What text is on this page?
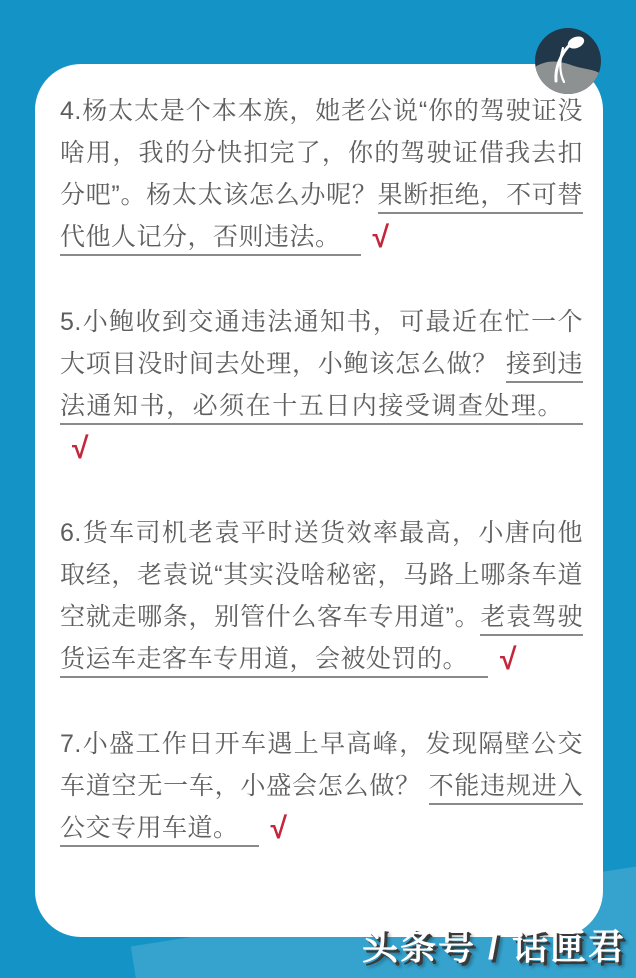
4.杨太太是个本本族，她老公说“你的驾驶证没啥用，我的分快扣完了，你的驾驶证借我去扣分吧”。杨太太该怎么办呢？果断拒绝，不可替代他人记分，否则违法。 √

5.小鲍收到交通违法通知书，可最近在忙一个大项目没时间去处理，小鲍该怎么做？ 接到违法通知书，必须在十五日内接受调查处理。√

6.货车司机老袁平时送货效率最高，小唐向他取经，老袁说“其实没啥秘密，马路上哪条车道空就走哪条，别管什么客车专用道”。老袁驾驶货运车走客车专用道，会被处罚的。 √

7.小盛工作日开车遇上早高峰，发现隔壁公交车道空无一车，小盛会怎么做？ 不能违规进入公交专用车道。 √

头条号 / 话匣君
